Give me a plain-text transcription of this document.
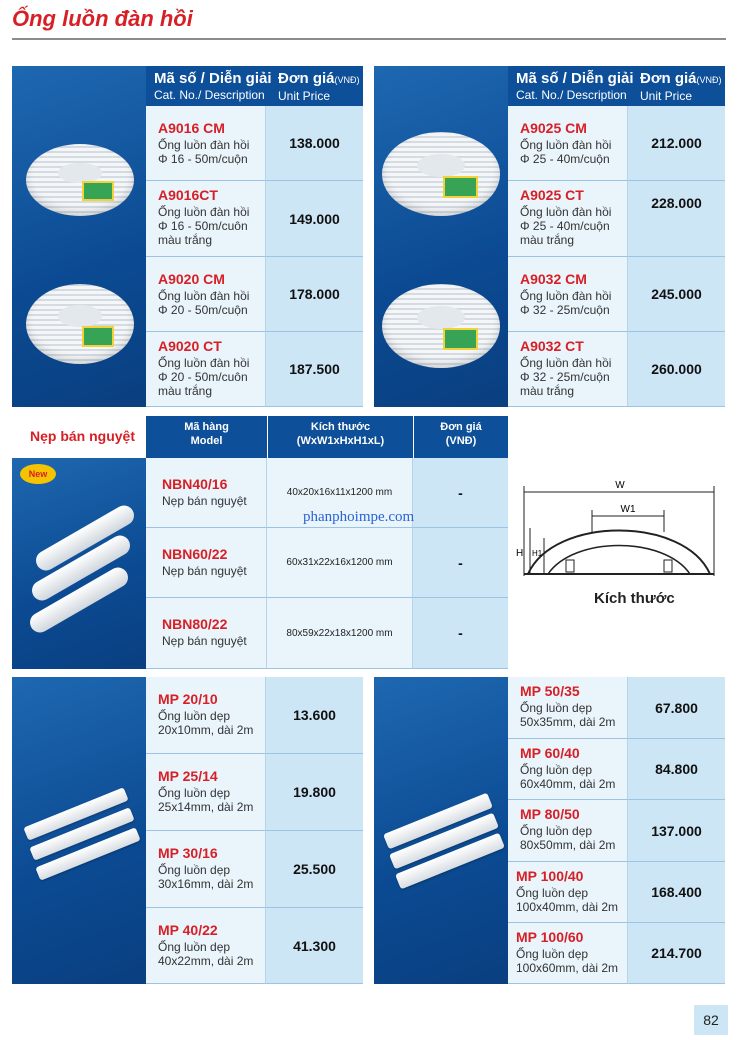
Ống luồn đàn hồi
Mã số / Diễn giải
Cat. No./ Description
Đơn giá(VNĐ)
Unit Price
A9016 CM
Ống luồn đàn hồi
Φ 16 - 50m/cuộn
138.000
A9016CT
Ống luồn đàn hồi
Φ 16 - 50m/cuôn
màu trắng
149.000
A9020 CM
Ống luồn đàn hồi
Φ 20 - 50m/cuộn
178.000
A9020 CT
Ống luồn đàn hồi
Φ 20 - 50m/cuôn
màu trắng
187.500
Mã số / Diễn giải
Cat. No./ Description
Đơn giá(VNĐ)
Unit Price
A9025 CM
Ống luồn đàn hồi
Φ 25 - 40m/cuộn
212.000
A9025 CT
Ống luồn đàn hồi
Φ 25 - 40m/cuộn
màu trắng
228.000
A9032 CM
Ống luồn đàn hồi
Φ 32 - 25m/cuộn
245.000
A9032 CT
Ống luồn đàn hồi
Φ 32 - 25m/cuộn
màu trắng
260.000
Nẹp bán nguyệt
New
Mã hàng
Model
Kích thước
(WxW1xHxH1xL)
Đơn giá
(VNĐ)
NBN40/16
Nẹp bán nguyệt
40x20x16x11x1200 mm	-
NBN60/22
Nẹp bán nguyệt
60x31x22x16x1200 mm	-
NBN80/22
Nẹp bán nguyệt
80x59x22x18x1200 mm	-
phanphoimpe.com
W
W1
H H1
Kích thước
MP 20/10
Ống luồn dẹp
20x10mm, dài 2m
13.600
MP 25/14
Ống luồn dẹp
25x14mm, dài 2m
19.800
MP 30/16
Ống luồn dẹp
30x16mm, dài 2m
25.500
MP 40/22
Ống luồn dẹp
40x22mm, dài 2m
41.300
MP 50/35
Ống luồn dẹp
50x35mm, dài 2m
67.800
MP 60/40
Ống luồn dẹp
60x40mm, dài 2m
84.800
MP 80/50
Ống luồn dẹp
80x50mm, dài 2m
137.000
MP 100/40
Ống luồn dẹp
100x40mm, dài 2m
168.400
MP 100/60
Ống luồn dẹp
100x60mm, dài 2m
214.700
82
